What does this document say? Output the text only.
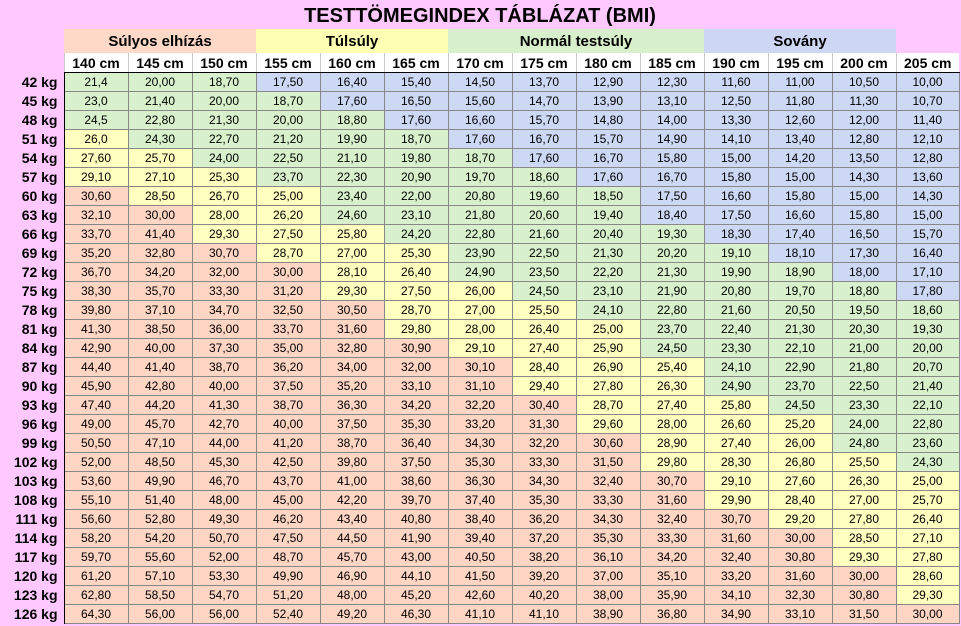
TESTTÖMEGINDEX TÁBLÁZAT (BMI)														
	Súlyos elhízás			Túlsúly			Normál testsúly				Sovány			
	140 cm	145 cm	150 cm	155 cm	160 cm	165 cm	170 cm	175 cm	180 cm	185 cm	190 cm	195 cm	200 cm	205 cm
42 kg	21,4	20,00	18,70	17,50	16,40	15,40	14,50	13,70	12,90	12,30	11,60	11,00	10,50	10,00
45 kg	23,0	21,40	20,00	18,70	17,60	16,50	15,60	14,70	13,90	13,10	12,50	11,80	11,30	10,70
48 kg	24,5	22,80	21,30	20,00	18,80	17,60	16,60	15,70	14,80	14,00	13,30	12,60	12,00	11,40
51 kg	26,0	24,30	22,70	21,20	19,90	18,70	17,60	16,70	15,70	14,90	14,10	13,40	12,80	12,10
54 kg	27,60	25,70	24,00	22,50	21,10	19,80	18,70	17,60	16,70	15,80	15,00	14,20	13,50	12,80
57 kg	29,10	27,10	25,30	23,70	22,30	20,90	19,70	18,60	17,60	16,70	15,80	15,00	14,30	13,60
60 kg	30,60	28,50	26,70	25,00	23,40	22,00	20,80	19,60	18,50	17,50	16,60	15,80	15,00	14,30
63 kg	32,10	30,00	28,00	26,20	24,60	23,10	21,80	20,60	19,40	18,40	17,50	16,60	15,80	15,00
66 kg	33,70	41,40	29,30	27,50	25,80	24,20	22,80	21,60	20,40	19,30	18,30	17,40	16,50	15,70
69 kg	35,20	32,80	30,70	28,70	27,00	25,30	23,90	22,50	21,30	20,20	19,10	18,10	17,30	16,40
72 kg	36,70	34,20	32,00	30,00	28,10	26,40	24,90	23,50	22,20	21,30	19,90	18,90	18,00	17,10
75 kg	38,30	35,70	33,30	31,20	29,30	27,50	26,00	24,50	23,10	21,90	20,80	19,70	18,80	17,80
78 kg	39,80	37,10	34,70	32,50	30,50	28,70	27,00	25,50	24,10	22,80	21,60	20,50	19,50	18,60
81 kg	41,30	38,50	36,00	33,70	31,60	29,80	28,00	26,40	25,00	23,70	22,40	21,30	20,30	19,30
84 kg	42,90	40,00	37,30	35,00	32,80	30,90	29,10	27,40	25,90	24,50	23,30	22,10	21,00	20,00
87 kg	44,40	41,40	38,70	36,20	34,00	32,00	30,10	28,40	26,90	25,40	24,10	22,90	21,80	20,70
90 kg	45,90	42,80	40,00	37,50	35,20	33,10	31,10	29,40	27,80	26,30	24,90	23,70	22,50	21,40
93 kg	47,40	44,20	41,30	38,70	36,30	34,20	32,20	30,40	28,70	27,40	25,80	24,50	23,30	22,10
96 kg	49,00	45,70	42,70	40,00	37,50	35,30	33,20	31,30	29,60	28,00	26,60	25,20	24,00	22,80
99 kg	50,50	47,10	44,00	41,20	38,70	36,40	34,30	32,20	30,60	28,90	27,40	26,00	24,80	23,60
102 kg	52,00	48,50	45,30	42,50	39,80	37,50	35,30	33,30	31,50	29,80	28,30	26,80	25,50	24,30
103 kg	53,60	49,90	46,70	43,70	41,00	38,60	36,30	34,30	32,40	30,70	29,10	27,60	26,30	25,00
108 kg	55,10	51,40	48,00	45,00	42,20	39,70	37,40	35,30	33,30	31,60	29,90	28,40	27,00	25,70
111 kg	56,60	52,80	49,30	46,20	43,40	40,80	38,40	36,20	34,30	32,40	30,70	29,20	27,80	26,40
114 kg	58,20	54,20	50,70	47,50	44,50	41,90	39,40	37,20	35,30	33,30	31,60	30,00	28,50	27,10
117 kg	59,70	55,60	52,00	48,70	45,70	43,00	40,50	38,20	36,10	34,20	32,40	30,80	29,30	27,80
120 kg	61,20	57,10	53,30	49,90	46,90	44,10	41,50	39,20	37,00	35,10	33,20	31,60	30,00	28,60
123 kg	62,80	58,50	54,70	51,20	48,00	45,20	42,60	40,20	38,00	35,90	34,10	32,30	30,80	29,30
126 kg	64,30	56,00	56,00	52,40	49,20	46,30	41,10	41,10	38,90	36,80	34,90	33,10	31,50	30,00
